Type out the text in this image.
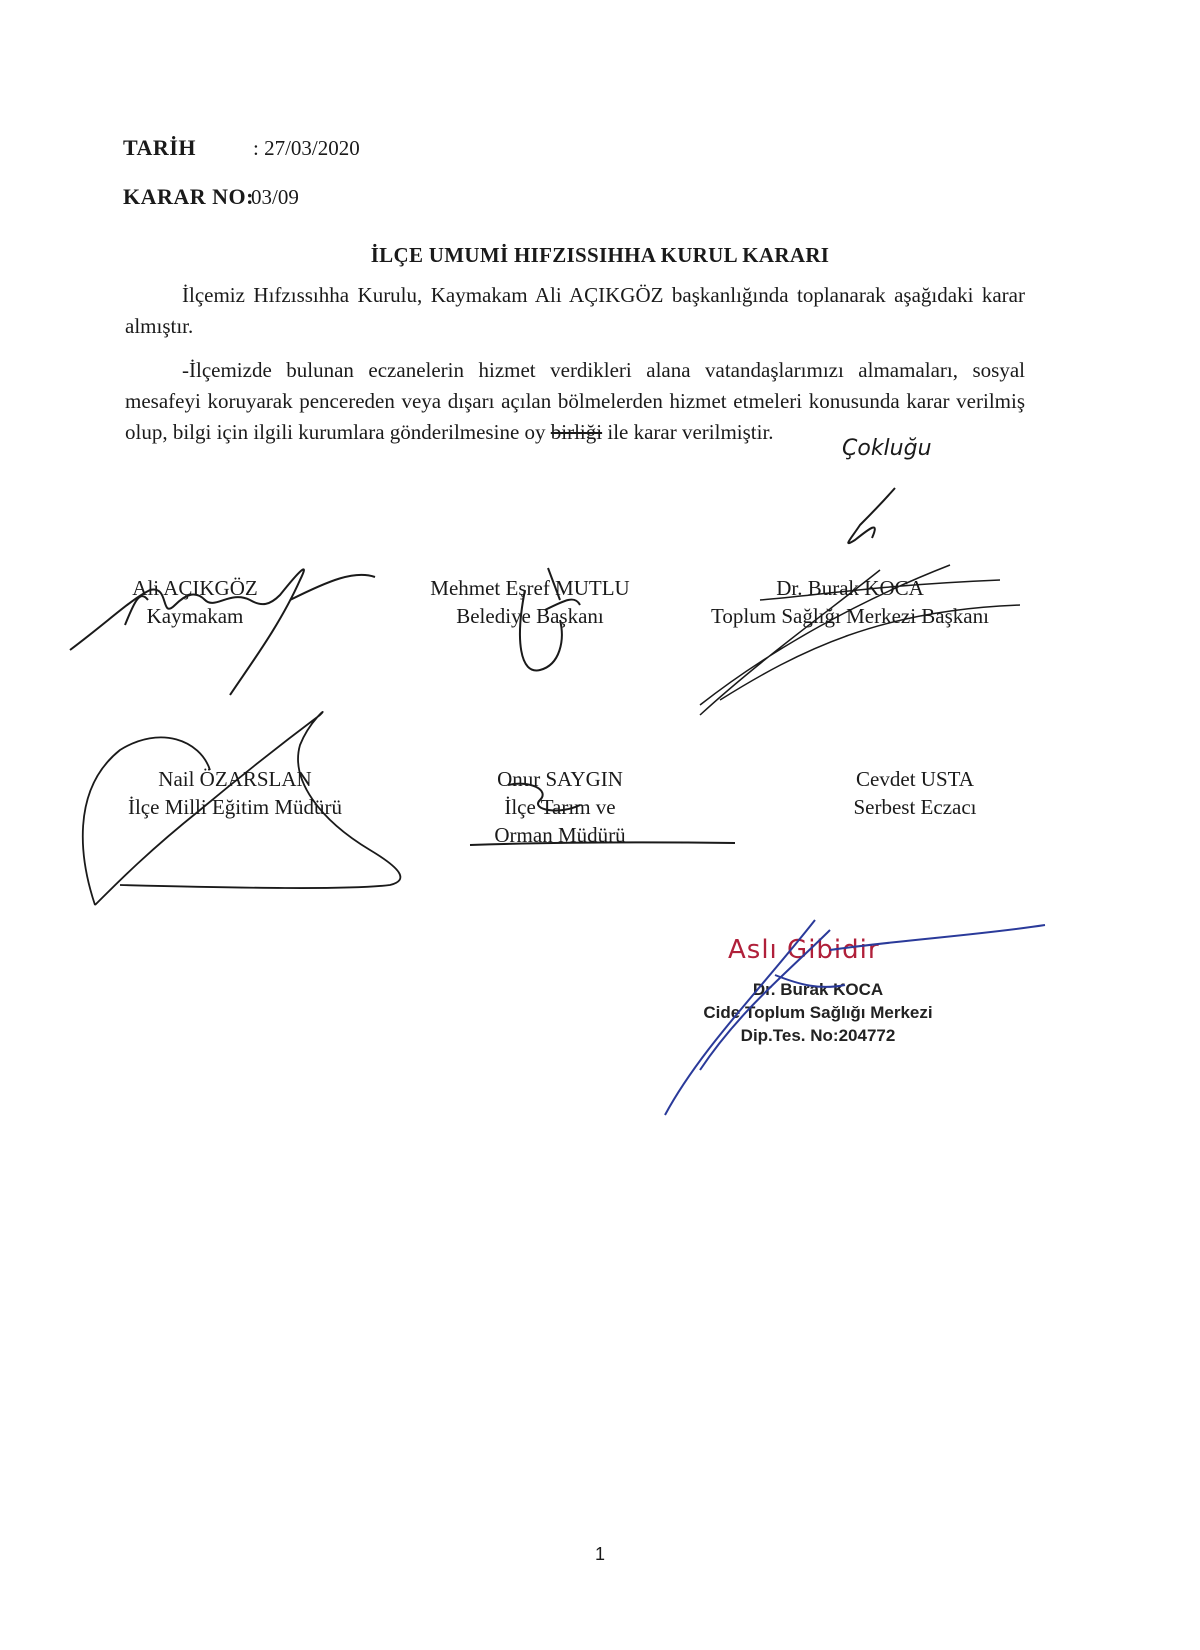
TARİH	: 27/03/2020
KARAR NO:
03/09
İLÇE UMUMİ HIFZISSIHHA KURUL KARARI
İlçemiz Hıfzıssıhha Kurulu, Kaymakam Ali AÇIKGÖZ başkanlığında toplanarak aşağıdaki karar almıştır.
-İlçemizde bulunan eczanelerin hizmet verdikleri alana vatandaşlarımızı almamaları, sosyal mesafeyi koruyarak pencereden veya dışarı açılan bölmelerden hizmet etmeleri konusunda karar verilmiş olup, bilgi için ilgili kurumlara gönderilmesine oy birliği ile karar verilmiştir.
Çokluğu
Ali AÇIKGÖZ
Kaymakam
Mehmet Eşref MUTLU
Belediye Başkanı
Dr. Burak KOCA
Toplum Sağlığı Merkezi Başkanı
Nail ÖZARSLAN
İlçe Milli Eğitim Müdürü
Onur SAYGIN
İlçe Tarım ve
Orman Müdürü
Cevdet USTA
Serbest Eczacı
Aslı Gibidir
Dr. Burak KOCA
Cide Toplum Sağlığı Merkezi
Dip.Tes. No:204772
1
